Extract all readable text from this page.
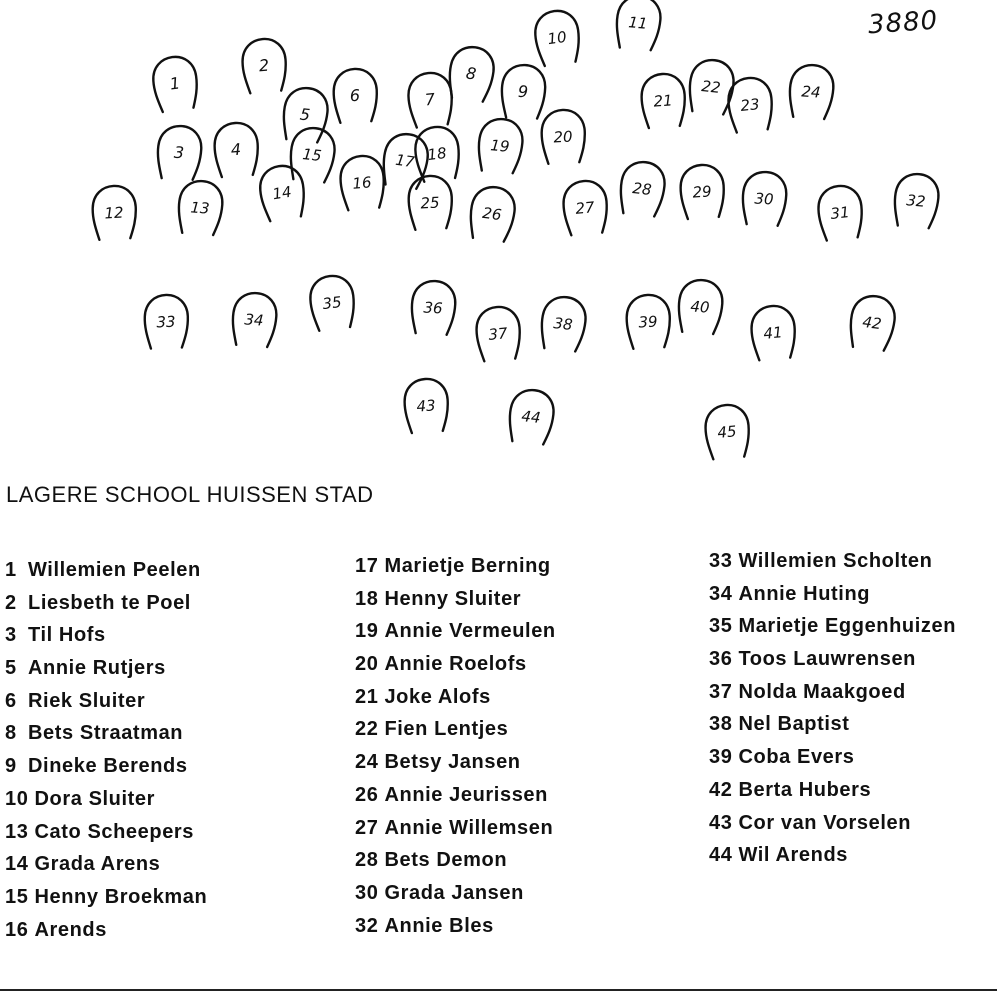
1
2
3	4
5
6	7
8
9
10
11
12	13
14
15
16
17 18	19	20
21
22
23
24
25
26	27
28	29	30
31
32
33	34
35	36
37
38	39
40
41	42
43
44
45
3880
LAGERE SCHOOL HUISSEN STAD
1 Willemien Peelen
2 Liesbeth te Poel
3 Til Hofs
5 Annie Rutjers
6 Riek Sluiter
8 Bets Straatman
9 Dineke Berends
10 Dora Sluiter
13 Cato Scheepers
14 Grada Arens
15 Henny Broekman
16 Arends
17 Marietje Berning
18 Henny Sluiter
19 Annie Vermeulen
20 Annie Roelofs
21 Joke Alofs
22 Fien Lentjes
24 Betsy Jansen
26 Annie Jeurissen
27 Annie Willemsen
28 Bets Demon
30 Grada Jansen
32 Annie Bles
33 Willemien Scholten
34 Annie Huting
35 Marietje Eggenhuizen
36 Toos Lauwrensen
37 Nolda Maakgoed
38 Nel Baptist
39 Coba Evers
42 Berta Hubers
43 Cor van Vorselen
44 Wil Arends
